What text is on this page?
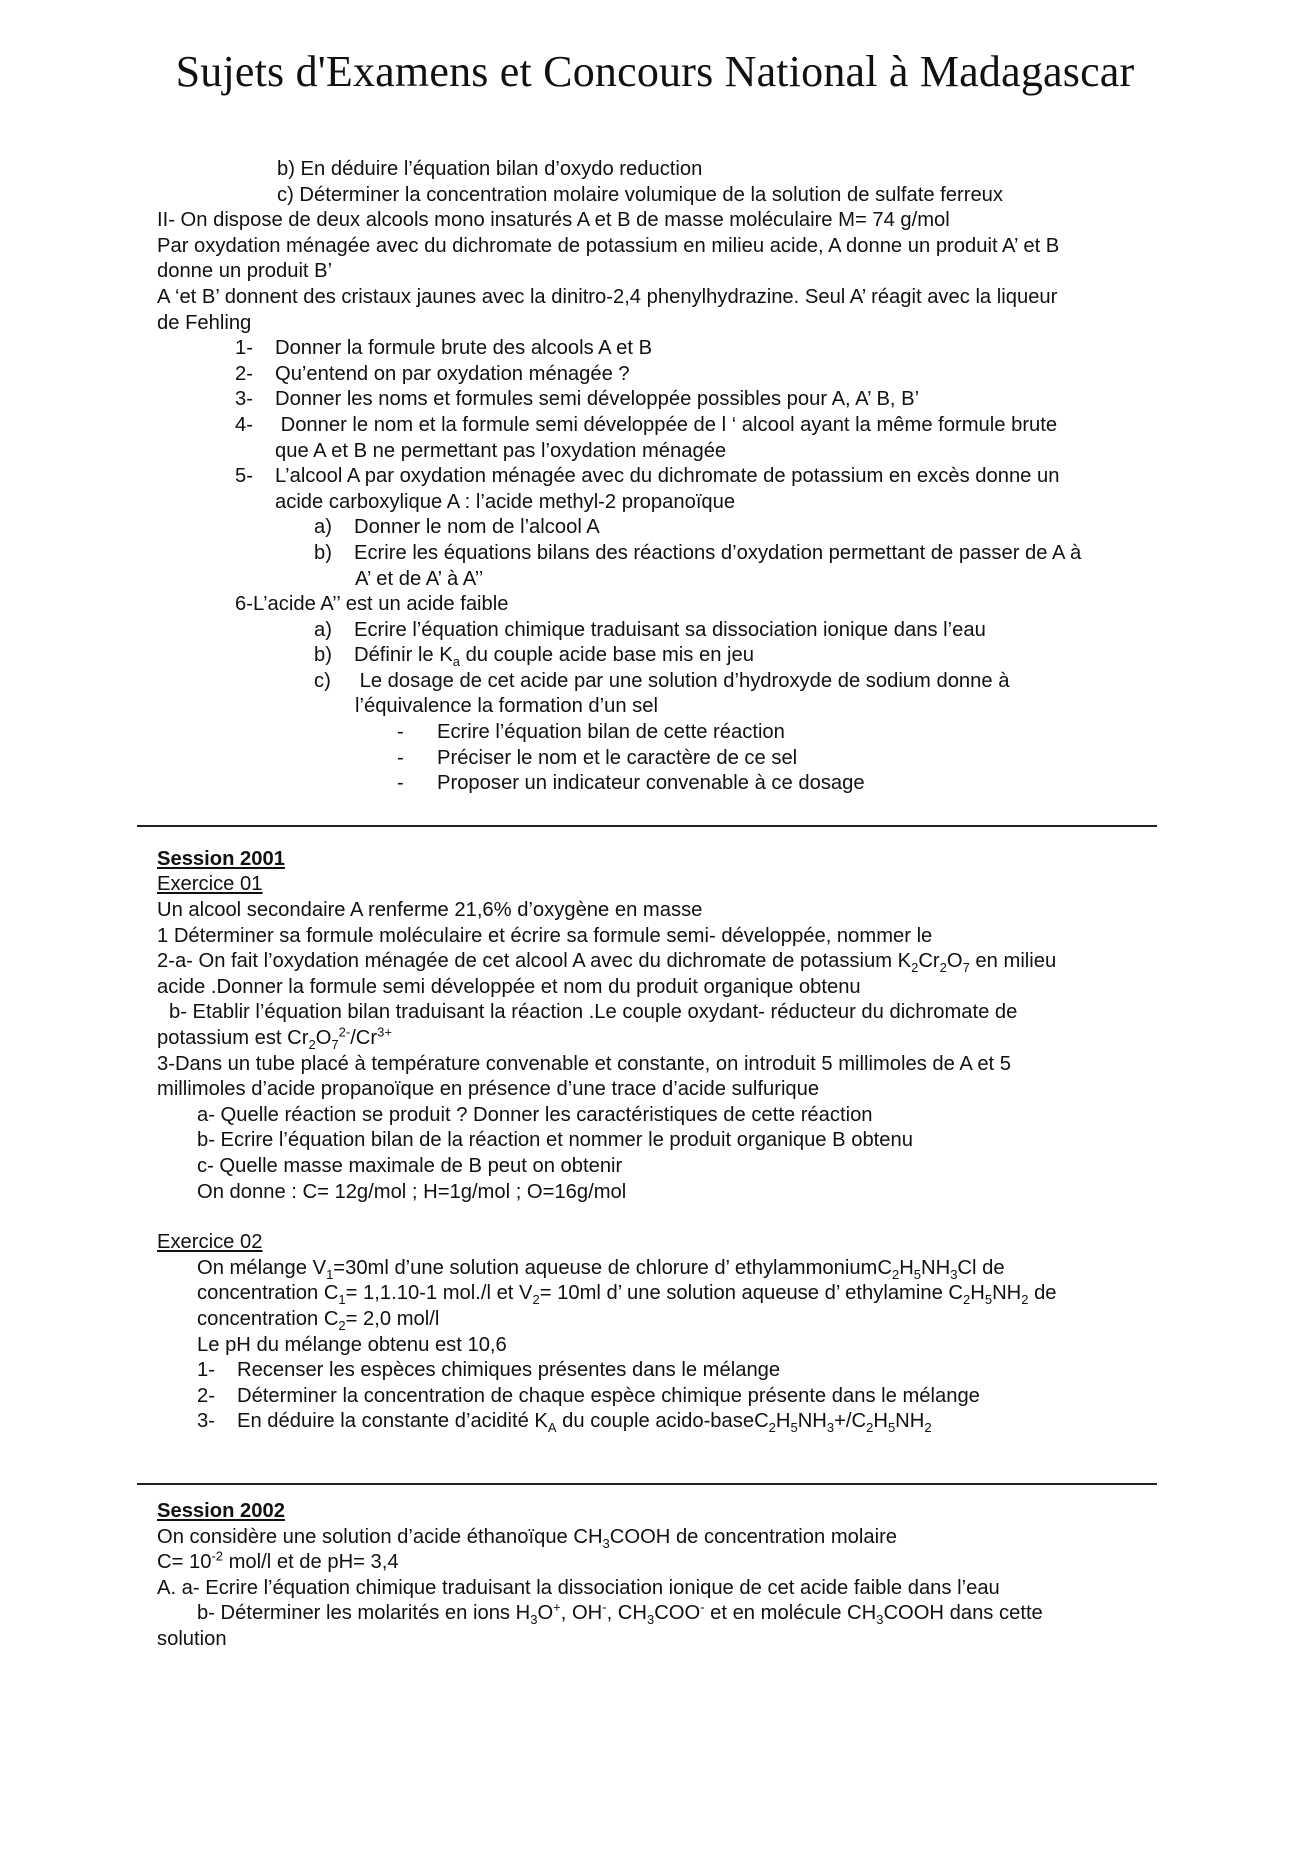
Sujets d'Examens et Concours National à Madagascar
b) En déduire l’équation bilan d’oxydo reduction
c) Déterminer la concentration molaire volumique de la solution de sulfate ferreux
II- On dispose de deux alcools mono insaturés A et B de masse moléculaire M= 74 g/mol
Par oxydation ménagée avec du dichromate de potassium en milieu acide, A donne un produit A’ et B
donne un produit B’
A ‘et B’ donnent des cristaux jaunes avec la dinitro-2,4 phenylhydrazine. Seul A’ réagit avec la liqueur
de Fehling
1- Donner la formule brute des alcools A et B
2- Qu’entend on par oxydation ménagée ?
3- Donner les noms et formules semi développée possibles pour A, A’ B, B’
4- Donner le nom et la formule semi développée de l ‘ alcool ayant la même formule brute
que A et B ne permettant pas l’oxydation ménagée
5- L’alcool A par oxydation ménagée avec du dichromate de potassium en excès donne un
acide carboxylique A : l’acide methyl-2 propanoïque
a) Donner le nom de l’alcool A
b) Ecrire les équations bilans des réactions d’oxydation permettant de passer de A à
A’ et de A’ à A’’
6-L’acide A’’ est un acide faible
a) Ecrire l’équation chimique traduisant sa dissociation ionique dans l’eau
b) Définir le $K_a$ du couple acide base mis en jeu
c) Le dosage de cet acide par une solution d’hydroxyde de sodium donne à
l’équivalence la formation d’un sel
- Ecrire l’équation bilan de cette réaction
- Préciser le nom et le caractère de ce sel
- Proposer un indicateur convenable à ce dosage
Session 2001
Exercice 01
Un alcool secondaire A renferme 21,6% d’oxygène en masse
1 Déterminer sa formule moléculaire et écrire sa formule semi- développée, nommer le
2-a- On fait l’oxydation ménagée de cet alcool A avec du dichromate de potassium $K_2Cr_2O_7$ en milieu
acide .Donner la formule semi développée et nom du produit organique obtenu
b- Etablir l’équation bilan traduisant la réaction .Le couple oxydant- réducteur du dichromate de
potassium est $Cr_2O_7^{2-}/Cr^{3+}$
3-Dans un tube placé à température convenable et constante, on introduit 5 millimoles de A et 5
millimoles d’acide propanoïque en présence d’une trace d’acide sulfurique
a- Quelle réaction se produit ? Donner les caractéristiques de cette réaction
b- Ecrire l’équation bilan de la réaction et nommer le produit organique B obtenu
c- Quelle masse maximale de B peut on obtenir
On donne : C= 12g/mol ; H=1g/mol ; O=16g/mol
Exercice 02
On mélange $V_1=30ml$ d’une solution aqueuse de chlorure d’ $ethylammoniumC_2H_5NH_3Cl$ de
concentration $C_1= 1,1.10-1$ mol./l et $V_2= 10ml$ d’ une solution aqueuse d’ ethylamine $C_2H_5NH_2$ de
concentration $C_2= 2,0$ mol/l
Le pH du mélange obtenu est 10,6
1- Recenser les espèces chimiques présentes dans le mélange
2- Déterminer la concentration de chaque espèce chimique présente dans le mélange
3- En déduire la constante d’acidité $K_A$ du couple acido-$baseC_2H_5NH_3+/C_2H_5NH_2$
Session 2002
On considère une solution d’acide éthanoïque $CH_3COOH$ de concentration molaire
$C= 10^{-2}$ mol/l et de pH= 3,4
A. a- Ecrire l’équation chimique traduisant la dissociation ionique de cet acide faible dans l’eau
b- Déterminer les molarités en ions $H_3O^+$, OH-, $CH_3COO^-$ et en molécule $CH_3COOH$ dans cette
solution
